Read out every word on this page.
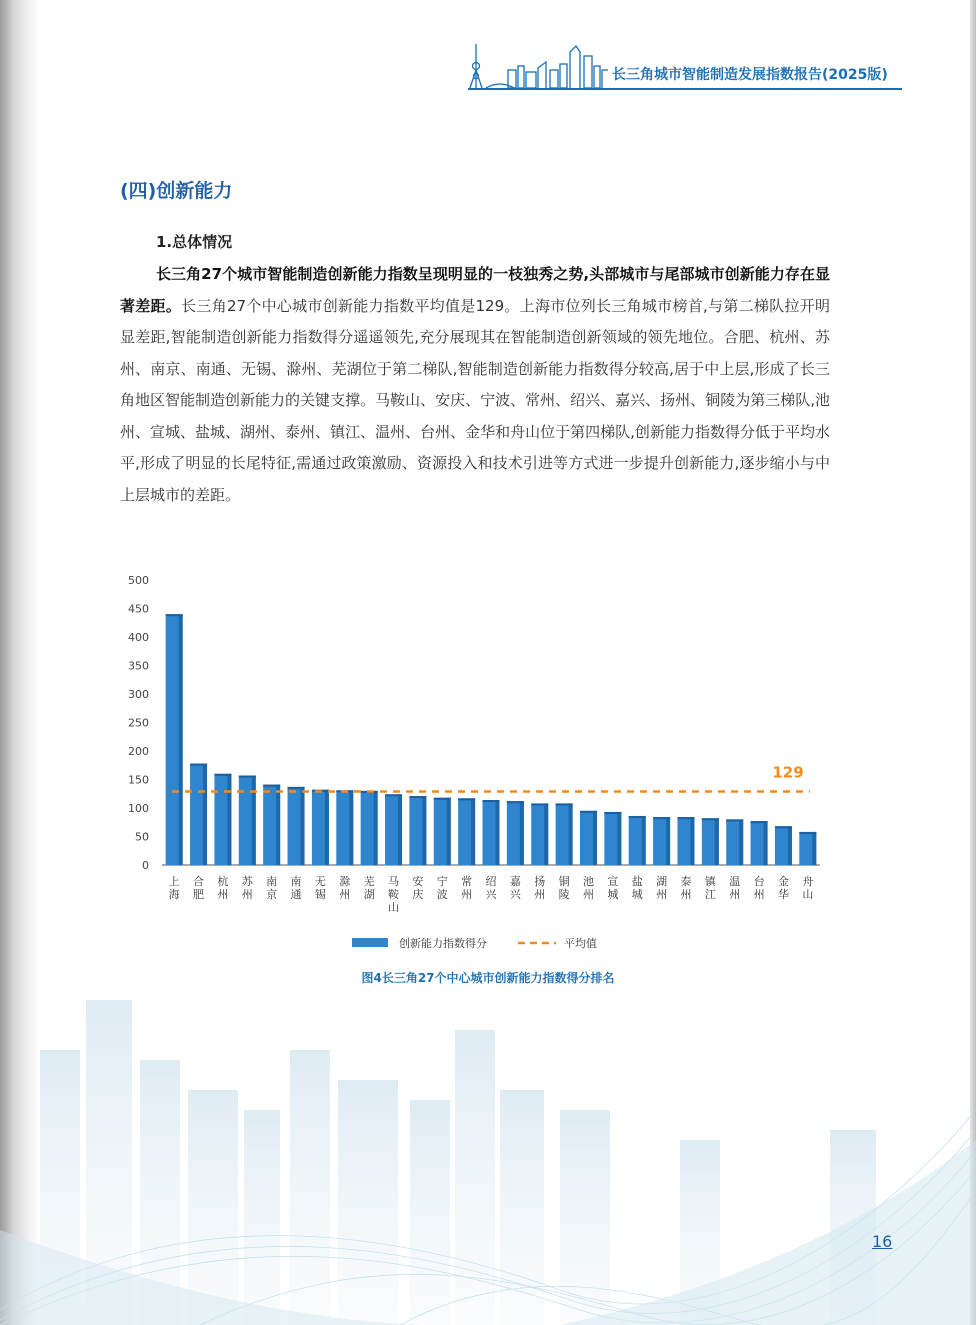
长三角城市智能制造发展指数报告(2025版)
(四)创新能力
1.总体情况

长三角27个城市智能制造创新能力指数呈现明显的一枝独秀之势,头部城市与尾部城市创新能力存在显著差距。长三角27个中心城市创新能力指数平均值是129。上海市位列长三角城市榜首,与第二梯队拉开明显差距,智能制造创新能力指数得分遥遥领先,充分展现其在智能制造创新领域的领先地位。合肥、杭州、苏州、南京、南通、无锡、滁州、芜湖位于第二梯队,智能制造创新能力指数得分较高,居于中上层,形成了长三角地区智能制造创新能力的关键支撑。马鞍山、安庆、宁波、常州、绍兴、嘉兴、扬州、铜陵为第三梯队,池州、宣城、盐城、湖州、泰州、镇江、温州、台州、金华和舟山位于第四梯队,创新能力指数得分低于平均水平,形成了明显的长尾特征,需通过政策激励、资源投入和技术引进等方式进一步提升创新能力,逐步缩小与中上层城市的差距。

0
50
100
150
200
250
300
350
400
450
500
上海
合肥
杭州
苏州
南京
南通
无锡
滁州
芜湖
马鞍山
安庆
宁波
常州
绍兴
嘉兴
扬州
铜陵
池州
宣城
盐城
湖州
泰州
镇江
温州
台州
金华
舟山
129
创新能力指数得分	平均值
图4长三角27个中心城市创新能力指数得分排名
16
